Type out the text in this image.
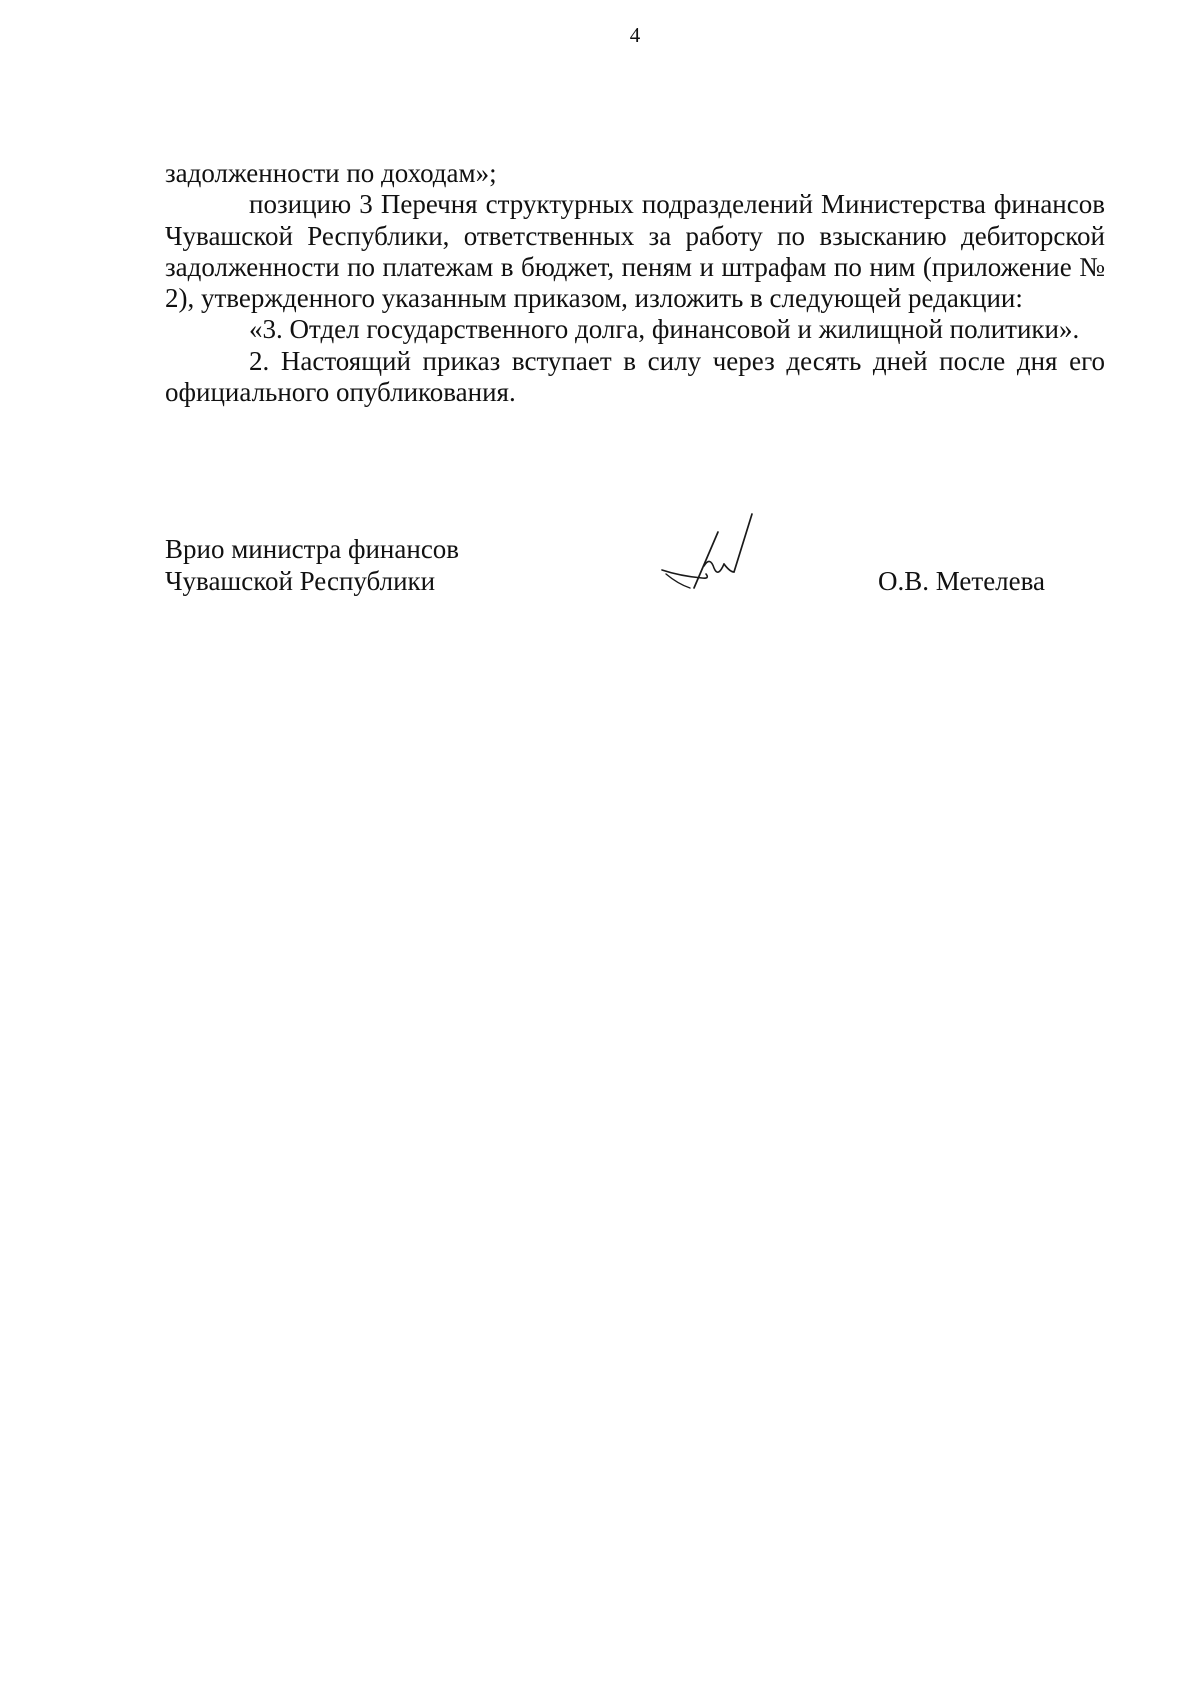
4

задолженности по доходам»;

позицию 3 Перечня структурных подразделений Министерства финансов Чувашской Республики, ответственных за работу по взысканию дебиторской задолженности по платежам в бюджет, пеням и штрафам по ним (приложение № 2), утвержденного указанным приказом, изложить в следующей редакции:

«3. Отдел государственного долга, финансовой и жилищной политики».

2. Настоящий приказ вступает в силу через десять дней после дня его официального опубликования.

Врио министра финансов
Чувашской Республики	О.В. Метелева
